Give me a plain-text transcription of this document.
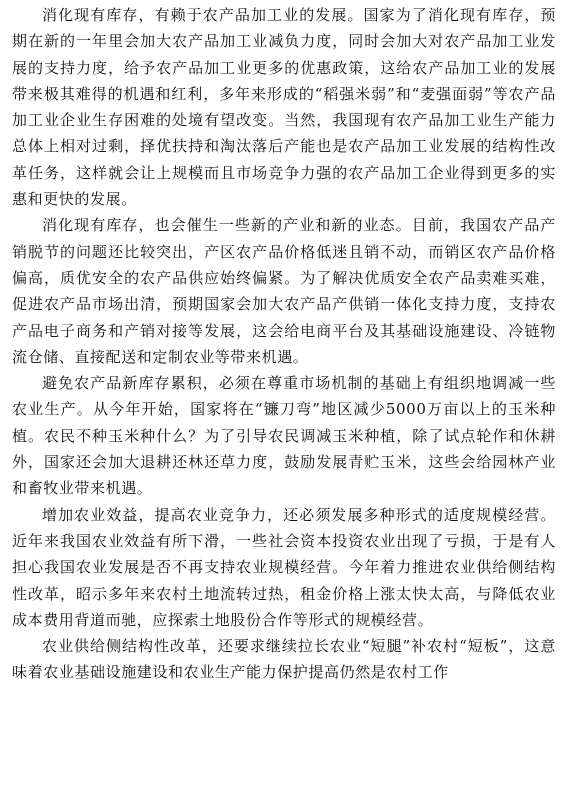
消化现有库存，有赖于农产品加工业的发展。国家为了消化现有库存，预期在新的一年里会加大农产品加工业减负力度，同时会加大对农产品加工业发展的支持力度，给予农产品加工业更多的优惠政策，这给农产品加工业的发展带来极其难得的机遇和红利，多年来形成的“稻强米弱”和“麦强面弱”等农产品加工业企业生存困难的处境有望改变。当然，我国现有农产品加工业生产能力总体上相对过剩，择优扶持和淘汰落后产能也是农产品加工业发展的结构性改革任务，这样就会让上规模而且市场竞争力强的农产品加工企业得到更多的实惠和更快的发展。

消化现有库存，也会催生一些新的产业和新的业态。目前，我国农产品产销脱节的问题还比较突出，产区农产品价格低迷且销不动，而销区农产品价格偏高，质优安全的农产品供应始终偏紧。为了解决优质安全农产品卖难买难，促进农产品市场出清，预期国家会加大农产品产供销一体化支持力度，支持农产品电子商务和产销对接等发展，这会给电商平台及其基础设施建设、冷链物流仓储、直接配送和定制农业等带来机遇。

避免农产品新库存累积，必须在尊重市场机制的基础上有组织地调减一些农业生产。从今年开始，国家将在“镰刀弯”地区减少5000万亩以上的玉米种植。农民不种玉米种什么？为了引导农民调减玉米种植，除了试点轮作和休耕外，国家还会加大退耕还林还草力度，鼓励发展青贮玉米，这些会给园林产业和畜牧业带来机遇。

增加农业效益，提高农业竞争力，还必须发展多种形式的适度规模经营。近年来我国农业效益有所下滑，一些社会资本投资农业出现了亏损，于是有人担心我国农业发展是否不再支持农业规模经营。今年着力推进农业供给侧结构性改革，昭示多年来农村土地流转过热，租金价格上涨太快太高，与降低农业成本费用背道而驰，应探索土地股份合作等形式的规模经营。

农业供给侧结构性改革，还要求继续拉长农业“短腿”补农村“短板”，这意味着农业基础设施建设和农业生产能力保护提高仍然是农村工作
